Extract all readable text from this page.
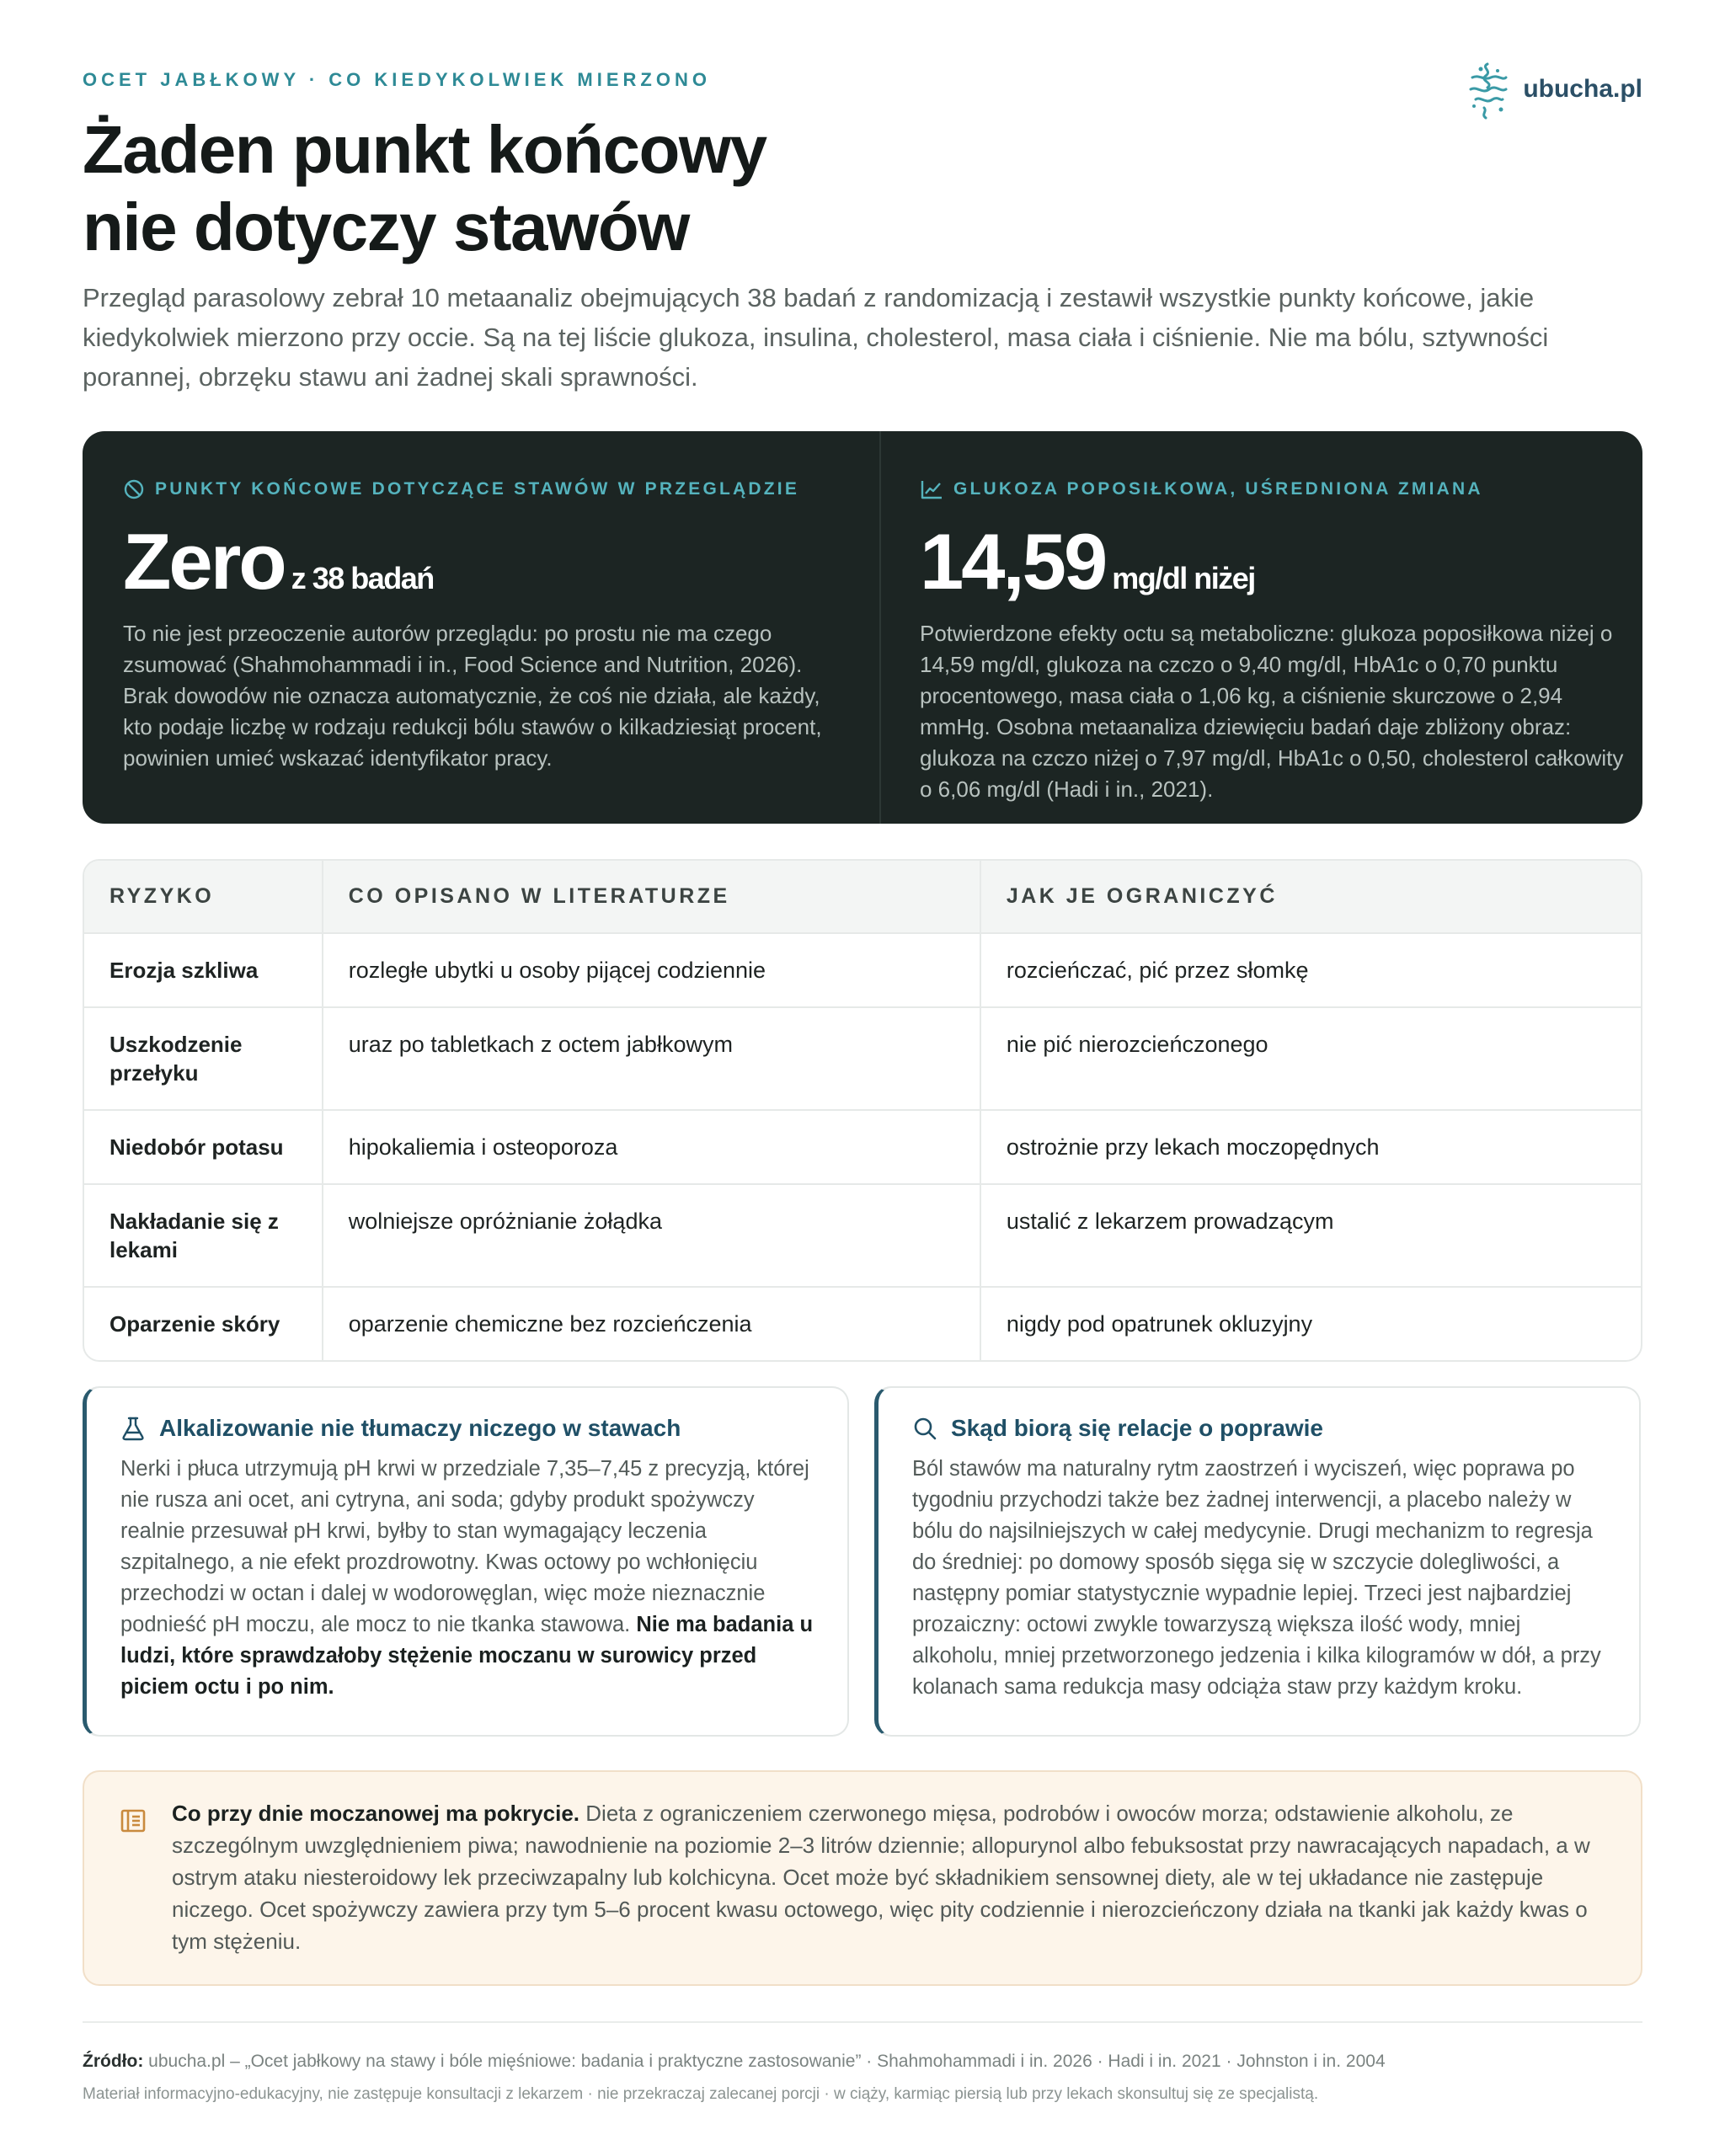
OCET JABŁKOWY · CO KIEDYKOLWIEK MIERZONO	ubucha.pl
Żaden punkt końcowy
nie dotyczy stawów

Przegląd parasolowy zebrał 10 metaanaliz obejmujących 38 badań z randomizacją i zestawił wszystkie punkty końcowe, jakie kiedykolwiek mierzono przy occie. Są na tej liście glukoza, insulina, cholesterol, masa ciała i ciśnienie. Nie ma bólu, sztywności porannej, obrzęku stawu ani żadnej skali sprawności.

PUNKTY KOŃCOWE DOTYCZĄCE STAWÓW W PRZEGLĄDZIE
Zero z 38 badań

To nie jest przeoczenie autorów przeglądu: po prostu nie ma czego zsumować (Shahmohammadi i in., Food Science and Nutrition, 2026). Brak dowodów nie oznacza automatycznie, że coś nie działa, ale każdy, kto podaje liczbę w rodzaju redukcji bólu stawów o kilkadziesiąt procent, powinien umieć wskazać identyfikator pracy.

GLUKOZA POPOSIŁKOWA, UŚREDNIONA ZMIANA
14,59 mg/dl niżej

Potwierdzone efekty octu są metaboliczne: glukoza poposiłkowa niżej o 14,59 mg/dl, glukoza na czczo o 9,40 mg/dl, HbA1c o 0,70 punktu procentowego, masa ciała o 1,06 kg, a ciśnienie skurczowe o 2,94 mmHg. Osobna metaanaliza dziewięciu badań daje zbliżony obraz: glukoza na czczo niżej o 7,97 mg/dl, HbA1c o 0,50, cholesterol całkowity o 6,06 mg/dl (Hadi i in., 2021).

RYZYKO	CO OPISANO W LITERATURZE	JAK JE OGRANICZYĆ
Erozja szkliwa	rozległe ubytki u osoby pijącej codziennie	rozcieńczać, pić przez słomkę
Uszkodzenie przełyku	uraz po tabletkach z octem jabłkowym	nie pić nierozcieńczonego
Niedobór potasu	hipokaliemia i osteoporoza	ostrożnie przy lekach moczopędnych
Nakładanie się z lekami	wolniejsze opróżnianie żołądka	ustalić z lekarzem prowadzącym
Oparzenie skóry	oparzenie chemiczne bez rozcieńczenia	nigdy pod opatrunek okluzyjny
Alkalizowanie nie tłumaczy niczego w stawach

Nerki i płuca utrzymują pH krwi w przedziale 7,35–7,45 z precyzją, której nie rusza ani ocet, ani cytryna, ani soda; gdyby produkt spożywczy realnie przesuwał pH krwi, byłby to stan wymagający leczenia szpitalnego, a nie efekt prozdrowotny. Kwas octowy po wchłonięciu przechodzi w octan i dalej w wodorowęglan, więc może nieznacznie podnieść pH moczu, ale mocz to nie tkanka stawowa. Nie ma badania u ludzi, które sprawdzałoby stężenie moczanu w surowicy przed piciem octu i po nim.

Skąd biorą się relacje o poprawie

Ból stawów ma naturalny rytm zaostrzeń i wyciszeń, więc poprawa po tygodniu przychodzi także bez żadnej interwencji, a placebo należy w bólu do najsilniejszych w całej medycynie. Drugi mechanizm to regresja do średniej: po domowy sposób sięga się w szczycie dolegliwości, a następny pomiar statystycznie wypadnie lepiej. Trzeci jest najbardziej prozaiczny: octowi zwykle towarzyszą większa ilość wody, mniej alkoholu, mniej przetworzonego jedzenia i kilka kilogramów w dół, a przy kolanach sama redukcja masy odciąża staw przy każdym kroku.

Co przy dnie moczanowej ma pokrycie. Dieta z ograniczeniem czerwonego mięsa, podrobów i owoców morza; odstawienie alkoholu, ze szczególnym uwzględnieniem piwa; nawodnienie na poziomie 2–3 litrów dziennie; allopurynol albo febuksostat przy nawracających napadach, a w ostrym ataku niesteroidowy lek przeciwzapalny lub kolchicyna. Ocet może być składnikiem sensownej diety, ale w tej układance nie zastępuje niczego. Ocet spożywczy zawiera przy tym 5–6 procent kwasu octowego, więc pity codziennie i nierozcieńczony działa na tkanki jak każdy kwas o tym stężeniu.

Źródło: ubucha.pl – „Ocet jabłkowy na stawy i bóle mięśniowe: badania i praktyczne zastosowanie” · Shahmohammadi i in. 2026 · Hadi i in. 2021 · Johnston i in. 2004

Materiał informacyjno-edukacyjny, nie zastępuje konsultacji z lekarzem · nie przekraczaj zalecanej porcji · w ciąży, karmiąc piersią lub przy lekach skonsultuj się ze specjalistą.
